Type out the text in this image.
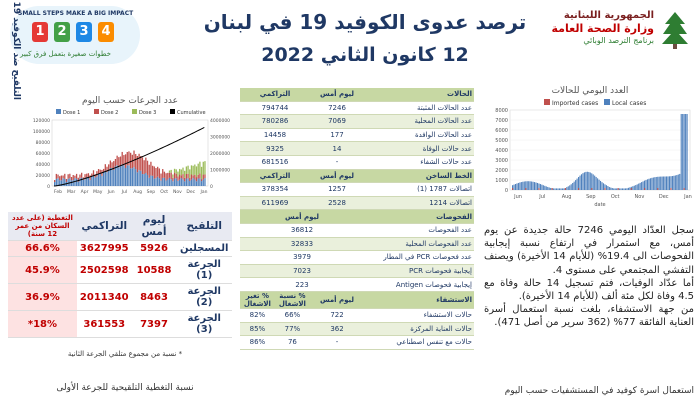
ترصد عدوى الكوفيد 19 في لبنان
12 كانون الثاني 2022
الجمهورية اللبنانية
وزارة الصحة العامة
برنامج الترصد الوبائي
SMALL STEPS MAKE A BIG IMPACT
1 2 3 4
خطوات صغيرة بتعمل فرق كبير
العدد اليومي للحالات
Imported cases Local cases
8000
7000
6000
5000
4000
3000
2000
1000
0
Jun	Jul	Aug	Sep	Oct	Nov	Dec	Jan
date
عدد الجرعات حسب اليوم
Dose 1	Dose 2	Dose 3	Cumulative
120000
100000
80000
60000
40000
20000
0
4000000
3000000
2000000
1000000
0
Feb Mar Apr May Jun Jul Aug Sep Oct Nov Dec Jan
الحالات	ليوم أمس	التراكمي	
عدد الحالات المثبتة	7246	794744	
عدد الحالات المحلية	7069	780286	
عدد الحالات الوافدة	177	14458	
عدد حالات الوفاة	14	9325	
عدد حالات الشفاء	-	681516	
الخط الساخن	ليوم أمس	التراكمي	
اتصالات 1787 (1)	1257	378354	
اتصالات 1214	2528	611969	
الفحوصات	ليوم أمس		
عدد الفحوصات	36812		
عدد الفحوصات المحلية	32833		
عدد فحوصات PCR في المطار	3979		
إيجابية فحوصات PCR	7023		
إيجابية فحوصات Antigen	223		
الاستشفاء	ليوم أمس	% نسبة الاشغال	% تغير الاشغال
حالات الاستشفاء	722	66%	82%
حالات العناية المركزة	362	77%	85%
حالات مع تنفس اصطناعي	-	76	86%
التلقيح ضد الكوفيد 19
التلقيح	ليوم أمس	التراكمي	التغطية (على عدد السكان من عمر 12 سنة)
المسجلين	5926	3627995	66.6%
الجرعة (1)	10588	2502598	45.9%
الجرعة (2)	8463	2011340	36.9%
الجرعة (3)	7397	361553	18%*
* نسبة من مجموع متلقي الجرعة الثانية
نسبة التغطية التلقيحية للجرعة الأولى
سجل العدّاد اليومي 7246 حالة جديدة عن يوم أمس، مع استمرار في ارتفاع نسبة إيجابية الفحوصات الى 19.4% (للأيام 14 الأخيرة) ويصنف التفشي المجتمعي على مستوى 4.
أما عدّاد الوفيات، فتم تسجيل 14 حالة وفاة مع 4.5 وفاة لكل مئة ألف (للأيام 14 الأخيرة).
من جهة الاستشفاء، بلغت نسبة استعمال أسرة العناية الفائقة 77% (362 سرير من أصل 471).
استعمال اسرة كوفيد في المستشفيات حسب اليوم
